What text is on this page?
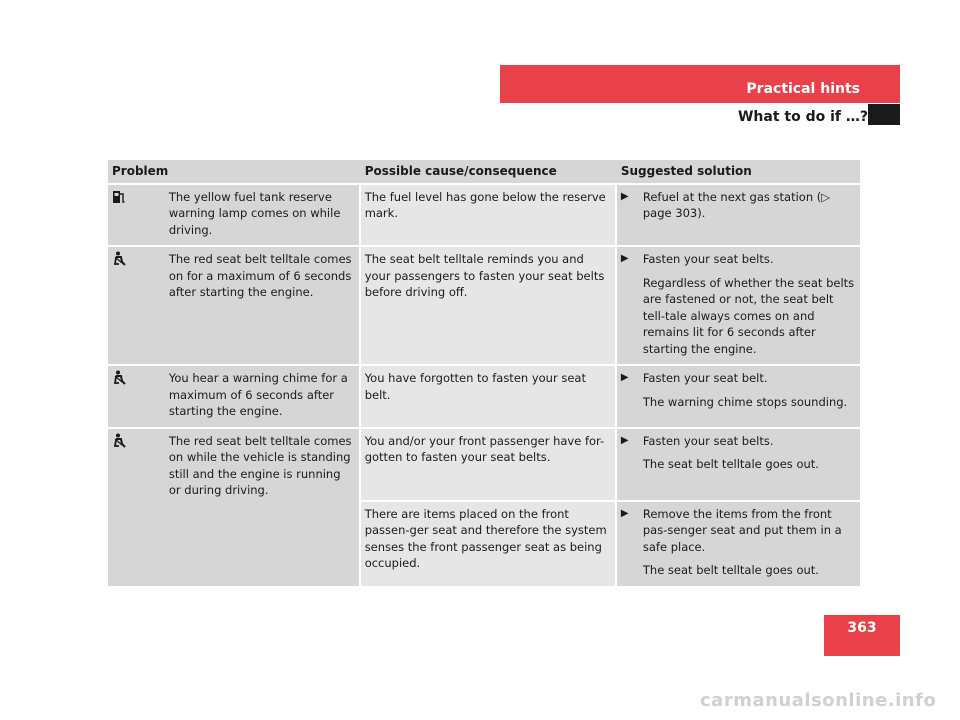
Practical hints
What to do if …?
Problem		Possible cause/consequence	Suggested solution
	The yellow fuel tank reserve warning lamp comes on while driving.	The fuel level has gone below the reserve mark.	▶ Refuel at the next gas station (▷ page 303).

	The red seat belt telltale comes on for a maximum of 6 seconds after starting the engine.	The seat belt telltale reminds you and your passengers to fasten your seat belts before driving off.	▶ Fasten your seat belts.
Regardless of whether the seat belts are fastened or not, the seat belt tell-tale always comes on and remains lit for 6 seconds after starting the engine.

	You hear a warning chime for a maximum of 6 seconds after starting the engine.	You have forgotten to fasten your seat belt.	▶ Fasten your seat belt.
The warning chime stops sounding.

	The red seat belt telltale comes on while the vehicle is standing still and the engine is running or during driving.	You and/or your front passenger have for-gotten to fasten your seat belts.	▶ Fasten your seat belts.
The seat belt telltale goes out.

		There are items placed on the front passen-ger seat and therefore the system senses the front passenger seat as being occupied.	▶ Remove the items from the front pas-senger seat and put them in a safe place.
The seat belt telltale goes out.
363
carmanualsonline.info
